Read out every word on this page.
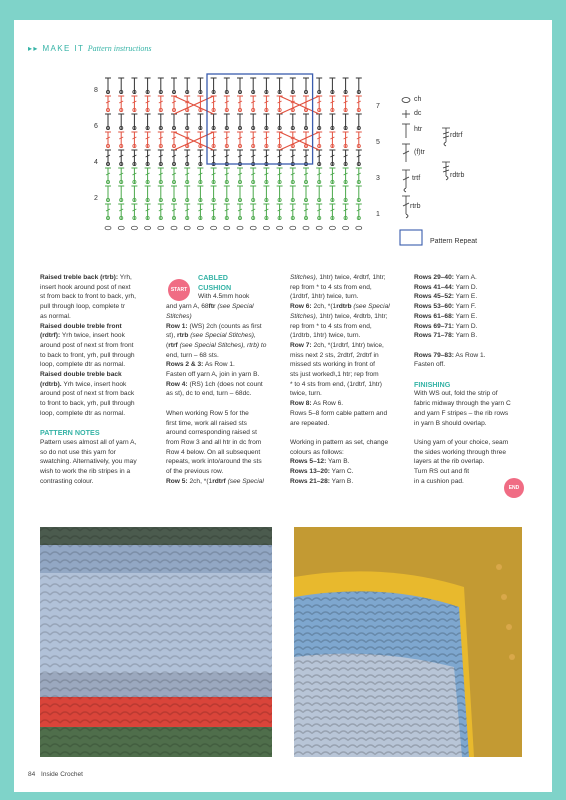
▸▸ MAKE IT Pattern instructions
8
6
4
2
7
5
3
1
ch
dc
htr
(f)tr
trtf
rtrb
rdtrf
rdtrb
Pattern Repeat

Raised treble back (rtrb): Yrh,

insert hook around post of next

st from back to front to back, yrh,

pull through loop, complete tr

as normal.

Raised double treble front

(rdtrf): Yrh twice, insert hook

around post of next st from front

to back to front, yrh, pull through

loop, complete dtr as normal.

Raised double treble back

(rdtrb). Yrh twice, insert hook

around post of next st from back

to front to back, yrh, pull through

loop, complete dtr as normal.

PATTERN NOTES

Pattern uses almost all of yarn A,

so do not use this yarn for

swatching. Alternatively, you may

wish to work the rib stripes in a

contrasting colour.

START

CABLED

CUSHION

With 4.5mm hook

and yarn A, 68ftr (see Special

Stitches)

Row 1: (WS) 2ch (counts as first

st), rtrb (see Special Stitches),

(rtrf (see Special Stitches), rtrb) to

end, turn – 68 sts.

Rows 2 & 3: As Row 1.

Fasten off yarn A, join in yarn B.

Row 4: (RS) 1ch (does not count

as st), dc to end, turn – 68dc.

When working Row 5 for the

first time, work all raised sts

around corresponding raised st

from Row 3 and all htr in dc from

Row 4 below. On all subsequent

repeats, work into/around the sts

of the previous row.

Row 5: 2ch, *(1rdtrf (see Special

Stitches), 1htr) twice, 4rdtrf, 1htr;

rep from * to 4 sts from end,

(1rdtrf, 1htr) twice, turn.

Row 6: 2ch, *(1rdtrb (see Special

Stitches), 1htr) twice, 4rdtrb, 1htr;

rep from * to 4 sts from end,

(1rdtrb, 1htr) twice, turn.

Row 7: 2ch, *(1rdtrf, 1htr) twice,

miss next 2 sts, 2rdtrf, 2rdtrf in

missed sts working in front of

sts just worked\,1 htr; rep from

* to 4 sts from end, (1rdtrf, 1htr)

twice, turn.

Row 8: As Row 6.

Rows 5–8 form cable pattern and

are repeated.

Working in pattern as set, change

colours as follows:

Rows 5–12: Yarn B.

Rows 13–20: Yarn C.

Rows 21–28: Yarn B.

Rows 29–40: Yarn A.

Rows 41–44: Yarn D.

Rows 45–52: Yarn E.

Rows 53–60: Yarn F.

Rows 61–68: Yarn E.

Rows 69–71: Yarn D.

Rows 71–78: Yarn B.

Rows 79–83: As Row 1.

Fasten off.

FINISHING

With WS out, fold the strip of

fabric midway through the yarn C

and yarn F stripes – the rib rows

in yarn B should overlap.

Using yarn of your choice, seam

the sides working through three

layers at the rib overlap.

Turn RS out and fit

in a cushion pad.

END
84 Inside Crochet
PassionForum.ru
